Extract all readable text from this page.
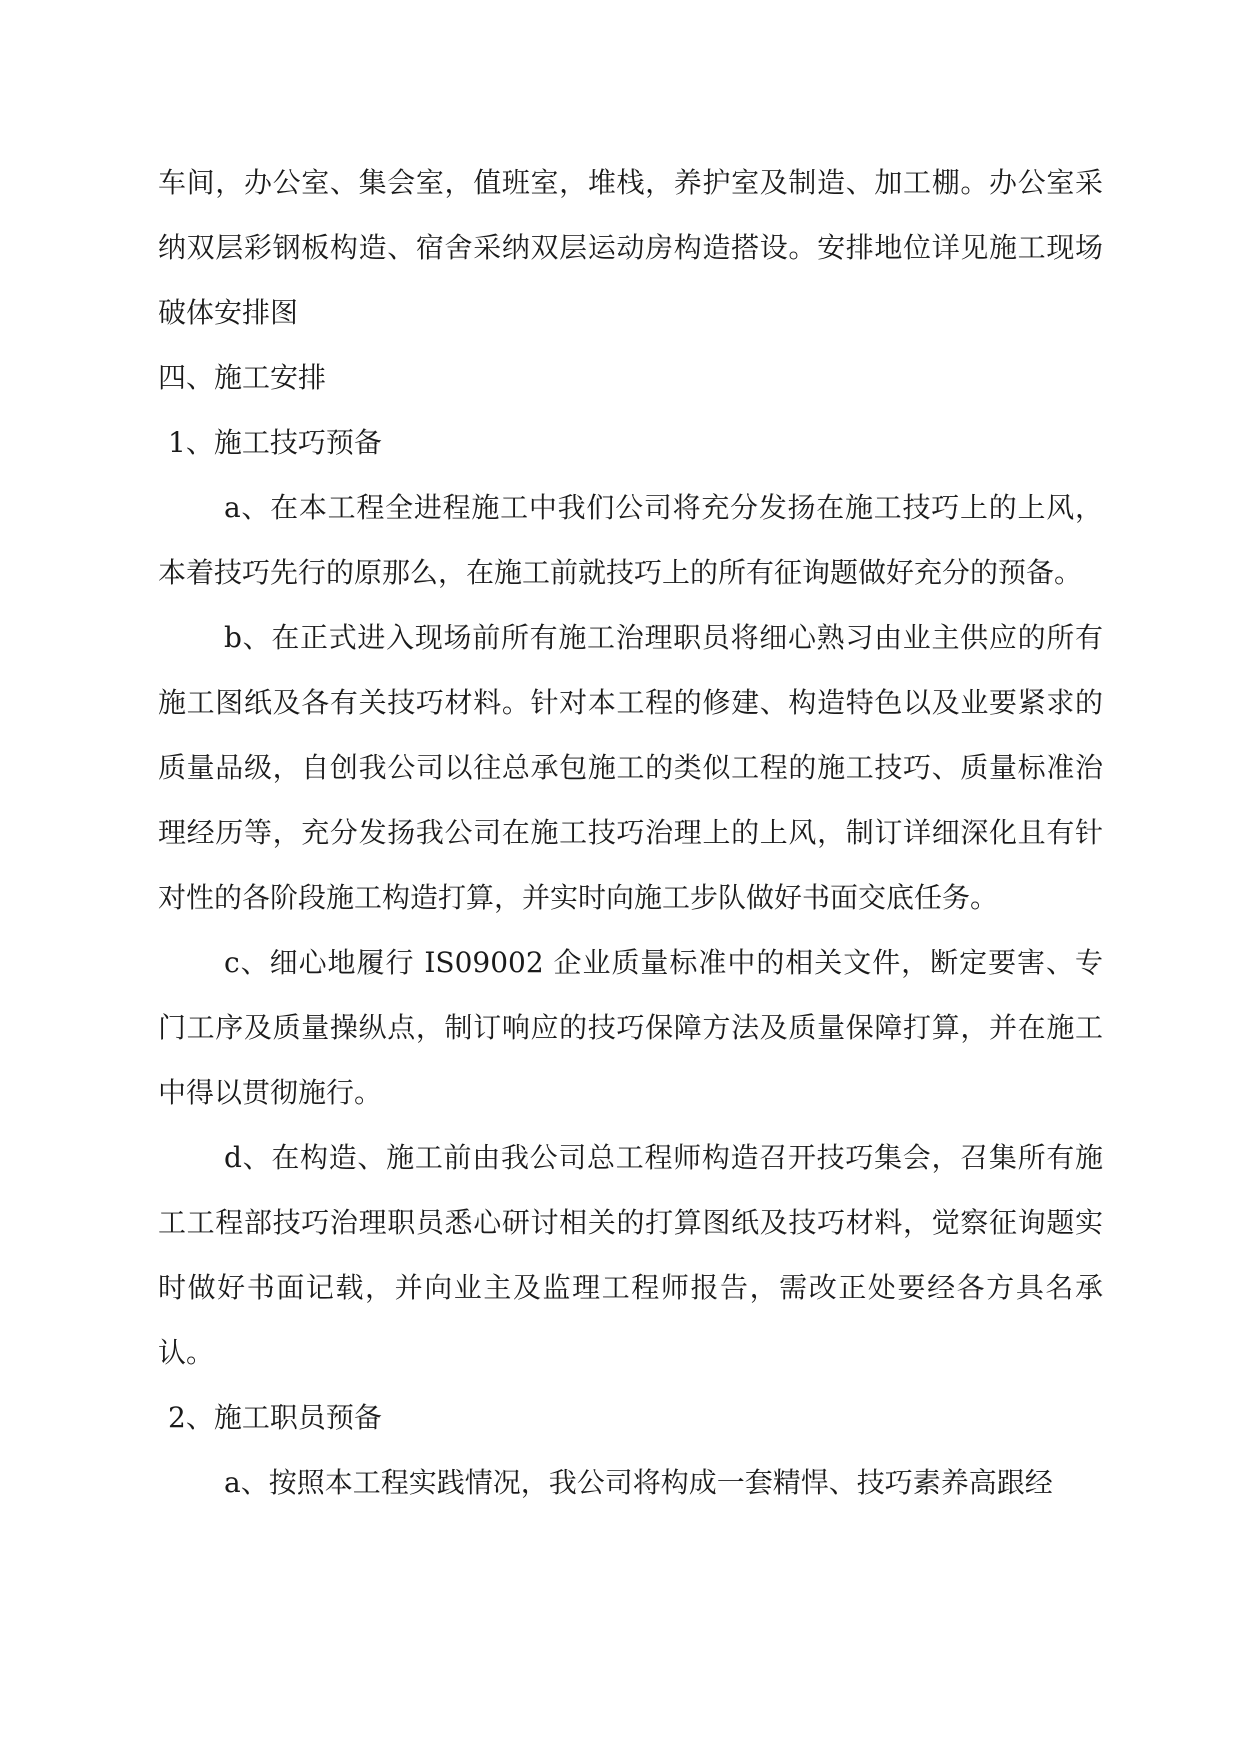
车间，办公室、集会室，值班室，堆栈，养护室及制造、加工棚。办公室采纳双层彩钢板构造、宿舍采纳双层运动房构造搭设。安排地位详见施工现场破体安排图

四、施工安排

1、施工技巧预备

a、在本工程全进程施工中我们公司将充分发扬在施工技巧上的上风，本着技巧先行的原那么，在施工前就技巧上的所有征询题做好充分的预备。

b、在正式进入现场前所有施工治理职员将细心熟习由业主供应的所有施工图纸及各有关技巧材料。针对本工程的修建、构造特色以及业要紧求的质量品级，自创我公司以往总承包施工的类似工程的施工技巧、质量标准治理经历等，充分发扬我公司在施工技巧治理上的上风，制订详细深化且有针对性的各阶段施工构造打算，并实时向施工步队做好书面交底任务。

c、细心地履行 IS09002 企业质量标准中的相关文件，断定要害、专门工序及质量操纵点，制订响应的技巧保障方法及质量保障打算，并在施工中得以贯彻施行。

d、在构造、施工前由我公司总工程师构造召开技巧集会，召集所有施工工程部技巧治理职员悉心研讨相关的打算图纸及技巧材料，觉察征询题实时做好书面记载，并向业主及监理工程师报告，需改正处要经各方具名承认。

2、施工职员预备

a、按照本工程实践情况，我公司将构成一套精悍、技巧素养高跟经
